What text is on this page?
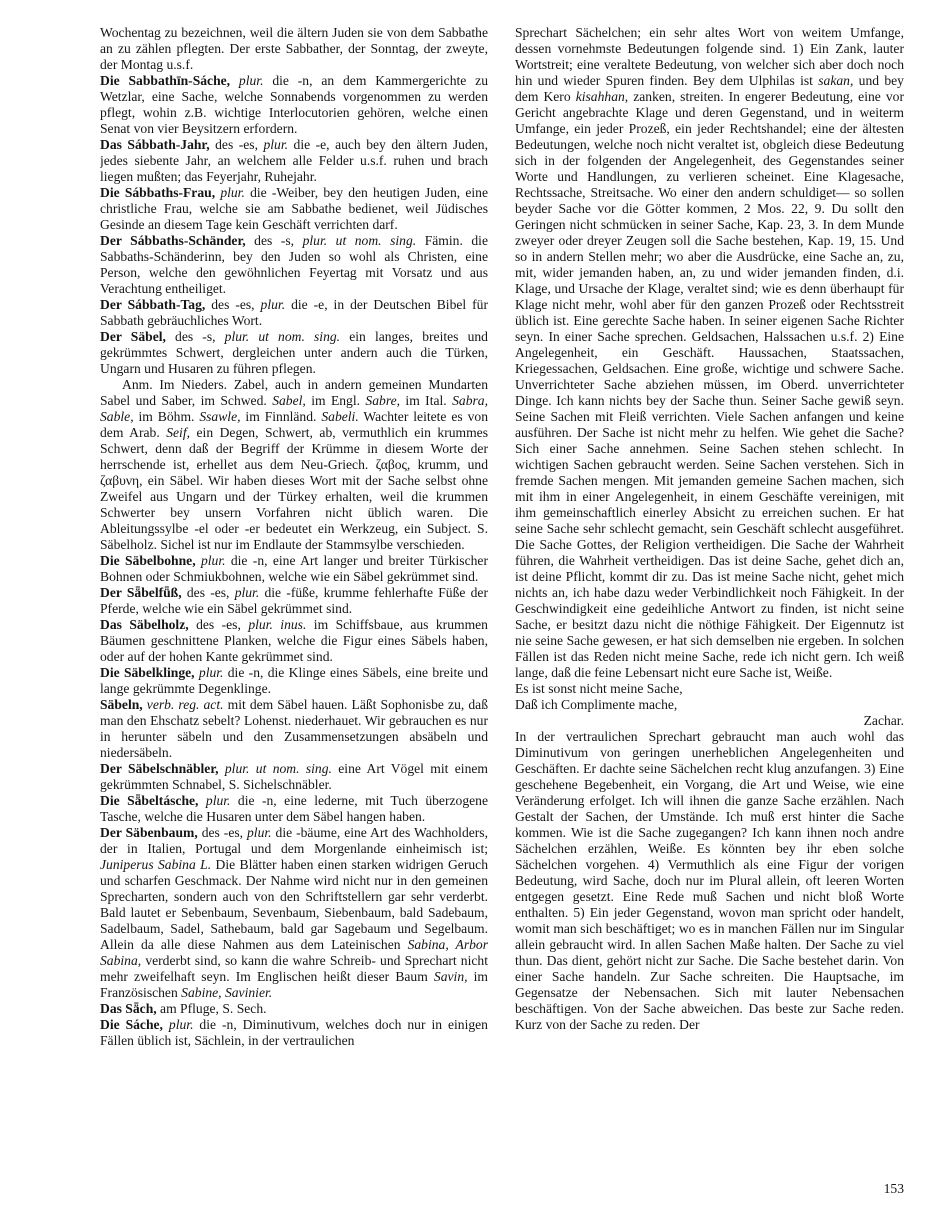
Wochentag zu bezeichnen, weil die ältern Juden sie von dem Sabbathe an zu zählen pflegten. Der erste Sabbather, der Sonntag, der zweyte, der Montag u.s.f.

Die Sabbathīn-Sáche, plur. die -n, an dem Kammergerichte zu Wetzlar, eine Sache, welche Sonnabends vorgenommen zu werden pflegt, wohin z.B. wichtige Interlocutorien gehören, welche einen Senat von vier Beysitzern erfordern.

Das Sábbath-Jahr, des -es, plur. die -e, auch bey den ältern Juden, jedes siebente Jahr, an welchem alle Felder u.s.f. ruhen und brach liegen mußten; das Feyerjahr, Ruhejahr.

Die Sábbaths-Frau, plur. die -Weiber, bey den heutigen Juden, eine christliche Frau, welche sie am Sabbathe bedienet, weil Jüdisches Gesinde an diesem Tage kein Geschäft verrichten darf.

Der Sábbaths-Schänder, des -s, plur. ut nom. sing. Fämin. die Sabbaths-Schänderinn, bey den Juden so wohl als Christen, eine Person, welche den gewöhnlichen Feyertag mit Vorsatz und aus Verachtung entheiliget.

Der Sábbath-Tag, des -es, plur. die -e, in der Deutschen Bibel für Sabbath gebräuchliches Wort.

Der Säbel, des -s, plur. ut nom. sing. ein langes, breites und gekrümmtes Schwert, dergleichen unter andern auch die Türken, Ungarn und Husaren zu führen pflegen.

Anm. Im Nieders. Zabel, auch in andern gemeinen Mundarten Sabel und Saber, im Schwed. Sabel, im Engl. Sabre, im Ital. Sabra, Sable, im Böhm. Ssawle, im Finnländ. Sabeli. Wachter leitete es von dem Arab. Seif, ein Degen, Schwert, ab, vermuthlich ein krummes Schwert, denn daß der Begriff der Krümme in diesem Worte der herrschende ist, erhellet aus dem Neu-Griech. ζαβος, krumm, und ζαβυνη, ein Säbel. Wir haben dieses Wort mit der Sache selbst ohne Zweifel aus Ungarn und der Türkey erhalten, weil die krummen Schwerter bey unsern Vorfahren nicht üblich waren. Die Ableitungssylbe -el oder -er bedeutet ein Werkzeug, ein Subject. S. Säbelholz. Sichel ist nur im Endlaute der Stammsylbe verschieden.

Die Säbelbohne, plur. die -n, eine Art langer und breiter Türkischer Bohnen oder Schmiukbohnen, welche wie ein Säbel gekrümmet sind.

Der Sǟbelfǖß, des -es, plur. die -füße, krumme fehlerhafte Füße der Pferde, welche wie ein Säbel gekrümmet sind.

Das Säbelholz, des -es, plur. inus. im Schiffsbaue, aus krummen Bäumen geschnittene Planken, welche die Figur eines Säbels haben, oder auf der hohen Kante gekrümmet sind.

Die Säbelklinge, plur. die -n, die Klinge eines Säbels, eine breite und lange gekrümmte Degenklinge.

Säbeln, verb. reg. act. mit dem Säbel hauen. Läßt Sophonisbe zu, daß man den Ehschatz sebelt? Lohenst. niederhauet. Wir gebrauchen es nur in herunter säbeln und den Zusammensetzungen absäbeln und niedersäbeln.

Der Säbelschnäbler, plur. ut nom. sing. eine Art Vögel mit einem gekrümmten Schnabel, S. Sichelschnäbler.

Die Sǟbeltásche, plur. die -n, eine lederne, mit Tuch überzogene Tasche, welche die Husaren unter dem Säbel hangen haben.

Der Säbenbaum, des -es, plur. die -bäume, eine Art des Wachholders, der in Italien, Portugal und dem Morgenlande einheimisch ist; Juniperus Sabina L. Die Blätter haben einen starken widrigen Geruch und scharfen Geschmack. Der Nahme wird nicht nur in den gemeinen Sprecharten, sondern auch von den Schriftstellern gar sehr verderbt. Bald lautet er Sebenbaum, Sevenbaum, Siebenbaum, bald Sadebaum, Sadelbaum, Sadel, Sathebaum, bald gar Sagebaum und Segelbaum. Allein da alle diese Nahmen aus dem Lateinischen Sabina, Arbor Sabina, verderbt sind, so kann die wahre Schreib- und Sprechart nicht mehr zweifelhaft seyn. Im Englischen heißt dieser Baum Savin, im Französischen Sabine, Savinier.

Das Sǟch, am Pfluge, S. Sech.

Die Sáche, plur. die -n, Diminutivum, welches doch nur in einigen Fällen üblich ist, Sächlein, in der vertraulichen

Sprechart Sächelchen; ein sehr altes Wort von weitem Umfange, dessen vornehmste Bedeutungen folgende sind. 1) Ein Zank, lauter Wortstreit; eine veraltete Bedeutung, von welcher sich aber doch noch hin und wieder Spuren finden. Bey dem Ulphilas ist sakan, und bey dem Kero kisahhan, zanken, streiten. In engerer Bedeutung, eine vor Gericht angebrachte Klage und deren Gegenstand, und in weiterm Umfange, ein jeder Prozeß, ein jeder Rechtshandel; eine der ältesten Bedeutungen, welche noch nicht veraltet ist, obgleich diese Bedeutung sich in der folgenden der Angelegenheit, des Gegenstandes seiner Worte und Handlungen, zu verlieren scheinet. Eine Klagesache, Rechtssache, Streitsache. Wo einer den andern schuldiget— so sollen beyder Sache vor die Götter kommen, 2 Mos. 22, 9. Du sollt den Geringen nicht schmücken in seiner Sache, Kap. 23, 3. In dem Munde zweyer oder dreyer Zeugen soll die Sache bestehen, Kap. 19, 15. Und so in andern Stellen mehr; wo aber die Ausdrücke, eine Sache an, zu, mit, wider jemanden haben, an, zu und wider jemanden finden, d.i. Klage, und Ursache der Klage, veraltet sind; wie es denn überhaupt für Klage nicht mehr, wohl aber für den ganzen Prozeß oder Rechtsstreit üblich ist. Eine gerechte Sache haben. In seiner eigenen Sache Richter seyn. In einer Sache sprechen. Geldsachen, Halssachen u.s.f. 2) Eine Angelegenheit, ein Geschäft. Haussachen, Staatssachen, Kriegessachen, Geldsachen. Eine große, wichtige und schwere Sache. Unverrichteter Sache abziehen müssen, im Oberd. unverrichteter Dinge. Ich kann nichts bey der Sache thun. Seiner Sache gewiß seyn. Seine Sachen mit Fleiß verrichten. Viele Sachen anfangen und keine ausführen. Der Sache ist nicht mehr zu helfen. Wie gehet die Sache? Sich einer Sache annehmen. Seine Sachen stehen schlecht. In wichtigen Sachen gebraucht werden. Seine Sachen verstehen. Sich in fremde Sachen mengen. Mit jemanden gemeine Sachen machen, sich mit ihm in einer Angelegenheit, in einem Geschäfte vereinigen, mit ihm gemeinschaftlich einerley Absicht zu erreichen suchen. Er hat seine Sache sehr schlecht gemacht, sein Geschäft schlecht ausgeführet. Die Sache Gottes, der Religion vertheidigen. Die Sache der Wahrheit führen, die Wahrheit vertheidigen. Das ist deine Sache, gehet dich an, ist deine Pflicht, kommt dir zu. Das ist meine Sache nicht, gehet mich nichts an, ich habe dazu weder Verbindlichkeit noch Fähigkeit. In der Geschwindigkeit eine gedeihliche Antwort zu finden, ist nicht seine Sache, er besitzt dazu nicht die nöthige Fähigkeit. Der Eigennutz ist nie seine Sache gewesen, er hat sich demselben nie ergeben. In solchen Fällen ist das Reden nicht meine Sache, rede ich nicht gern. Ich weiß lange, daß die feine Lebensart nicht eure Sache ist, Weiße.

Es ist sonst nicht meine Sache,

Daß ich Complimente mache,

Zachar.

In der vertraulichen Sprechart gebraucht man auch wohl das Diminutivum von geringen unerheblichen Angelegenheiten und Geschäften. Er dachte seine Sächelchen recht klug anzufangen. 3) Eine geschehene Begebenheit, ein Vorgang, die Art und Weise, wie eine Veränderung erfolget. Ich will ihnen die ganze Sache erzählen. Nach Gestalt der Sachen, der Umstände. Ich muß erst hinter die Sache kommen. Wie ist die Sache zugegangen? Ich kann ihnen noch andre Sächelchen erzählen, Weiße. Es könnten bey ihr eben solche Sächelchen vorgehen. 4) Vermuthlich als eine Figur der vorigen Bedeutung, wird Sache, doch nur im Plural allein, oft leeren Worten entgegen gesetzt. Eine Rede muß Sachen und nicht bloß Worte enthalten. 5) Ein jeder Gegenstand, wovon man spricht oder handelt, womit man sich beschäftiget; wo es in manchen Fällen nur im Singular allein gebraucht wird. In allen Sachen Maße halten. Der Sache zu viel thun. Das dient, gehört nicht zur Sache. Die Sache bestehet darin. Von einer Sache handeln. Zur Sache schreiten. Die Hauptsache, im Gegensatze der Nebensachen. Sich mit lauter Nebensachen beschäftigen. Von der Sache abweichen. Das beste zur Sache reden. Kurz von der Sache zu reden. Der

153
